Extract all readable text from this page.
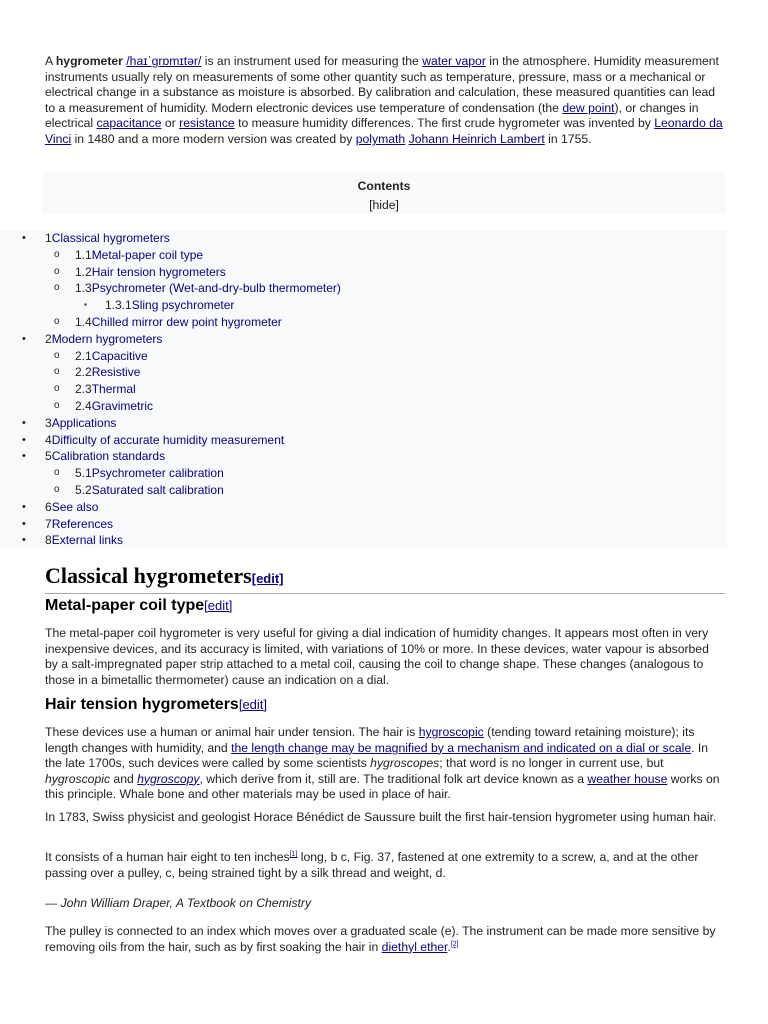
A hygrometer /haɪˈɡrɒmɪtər/ is an instrument used for measuring the water vapor in the atmosphere. Humidity measurement instruments usually rely on measurements of some other quantity such as temperature, pressure, mass or a mechanical or electrical change in a substance as moisture is absorbed. By calibration and calculation, these measured quantities can lead to a measurement of humidity. Modern electronic devices use temperature of condensation (the dew point), or changes in electrical capacitance or resistance to measure humidity differences. The first crude hygrometer was invented by Leonardo da Vinci in 1480 and a more modern version was created by polymath Johann Heinrich Lambert in 1755.

Contents
[hide]
• 1Classical hygrometers
o 1.1Metal-paper coil type
o 1.2Hair tension hygrometers
o 1.3Psychrometer (Wet-and-dry-bulb thermometer)
▪ 1.3.1Sling psychrometer
o 1.4Chilled mirror dew point hygrometer
• 2Modern hygrometers
o 2.1Capacitive
o 2.2Resistive
o 2.3Thermal
o 2.4Gravimetric
• 3Applications
• 4Difficulty of accurate humidity measurement
• 5Calibration standards
o 5.1Psychrometer calibration
o 5.2Saturated salt calibration
• 6See also
• 7References
• 8External links
Classical hygrometers[edit]
Metal-paper coil type[edit]

The metal-paper coil hygrometer is very useful for giving a dial indication of humidity changes. It appears most often in very inexpensive devices, and its accuracy is limited, with variations of 10% or more. In these devices, water vapour is absorbed by a salt-impregnated paper strip attached to a metal coil, causing the coil to change shape. These changes (analogous to those in a bimetallic thermometer) cause an indication on a dial.

Hair tension hygrometers[edit]

These devices use a human or animal hair under tension. The hair is hygroscopic (tending toward retaining moisture); its length changes with humidity, and the length change may be magnified by a mechanism and indicated on a dial or scale. In the late 1700s, such devices were called by some scientists hygroscopes; that word is no longer in current use, but hygroscopic and hygroscopy, which derive from it, still are. The traditional folk art device known as a weather house works on this principle. Whale bone and other materials may be used in place of hair.

In 1783, Swiss physicist and geologist Horace Bénédict de Saussure built the first hair-tension hygrometer using human hair.

It consists of a human hair eight to ten inches[1] long, b c, Fig. 37, fastened at one extremity to a screw, a, and at the other passing over a pulley, c, being strained tight by a silk thread and weight, d.

— John William Draper, A Textbook on Chemistry

The pulley is connected to an index which moves over a graduated scale (e). The instrument can be made more sensitive by removing oils from the hair, such as by first soaking the hair in diethyl ether.[2]
